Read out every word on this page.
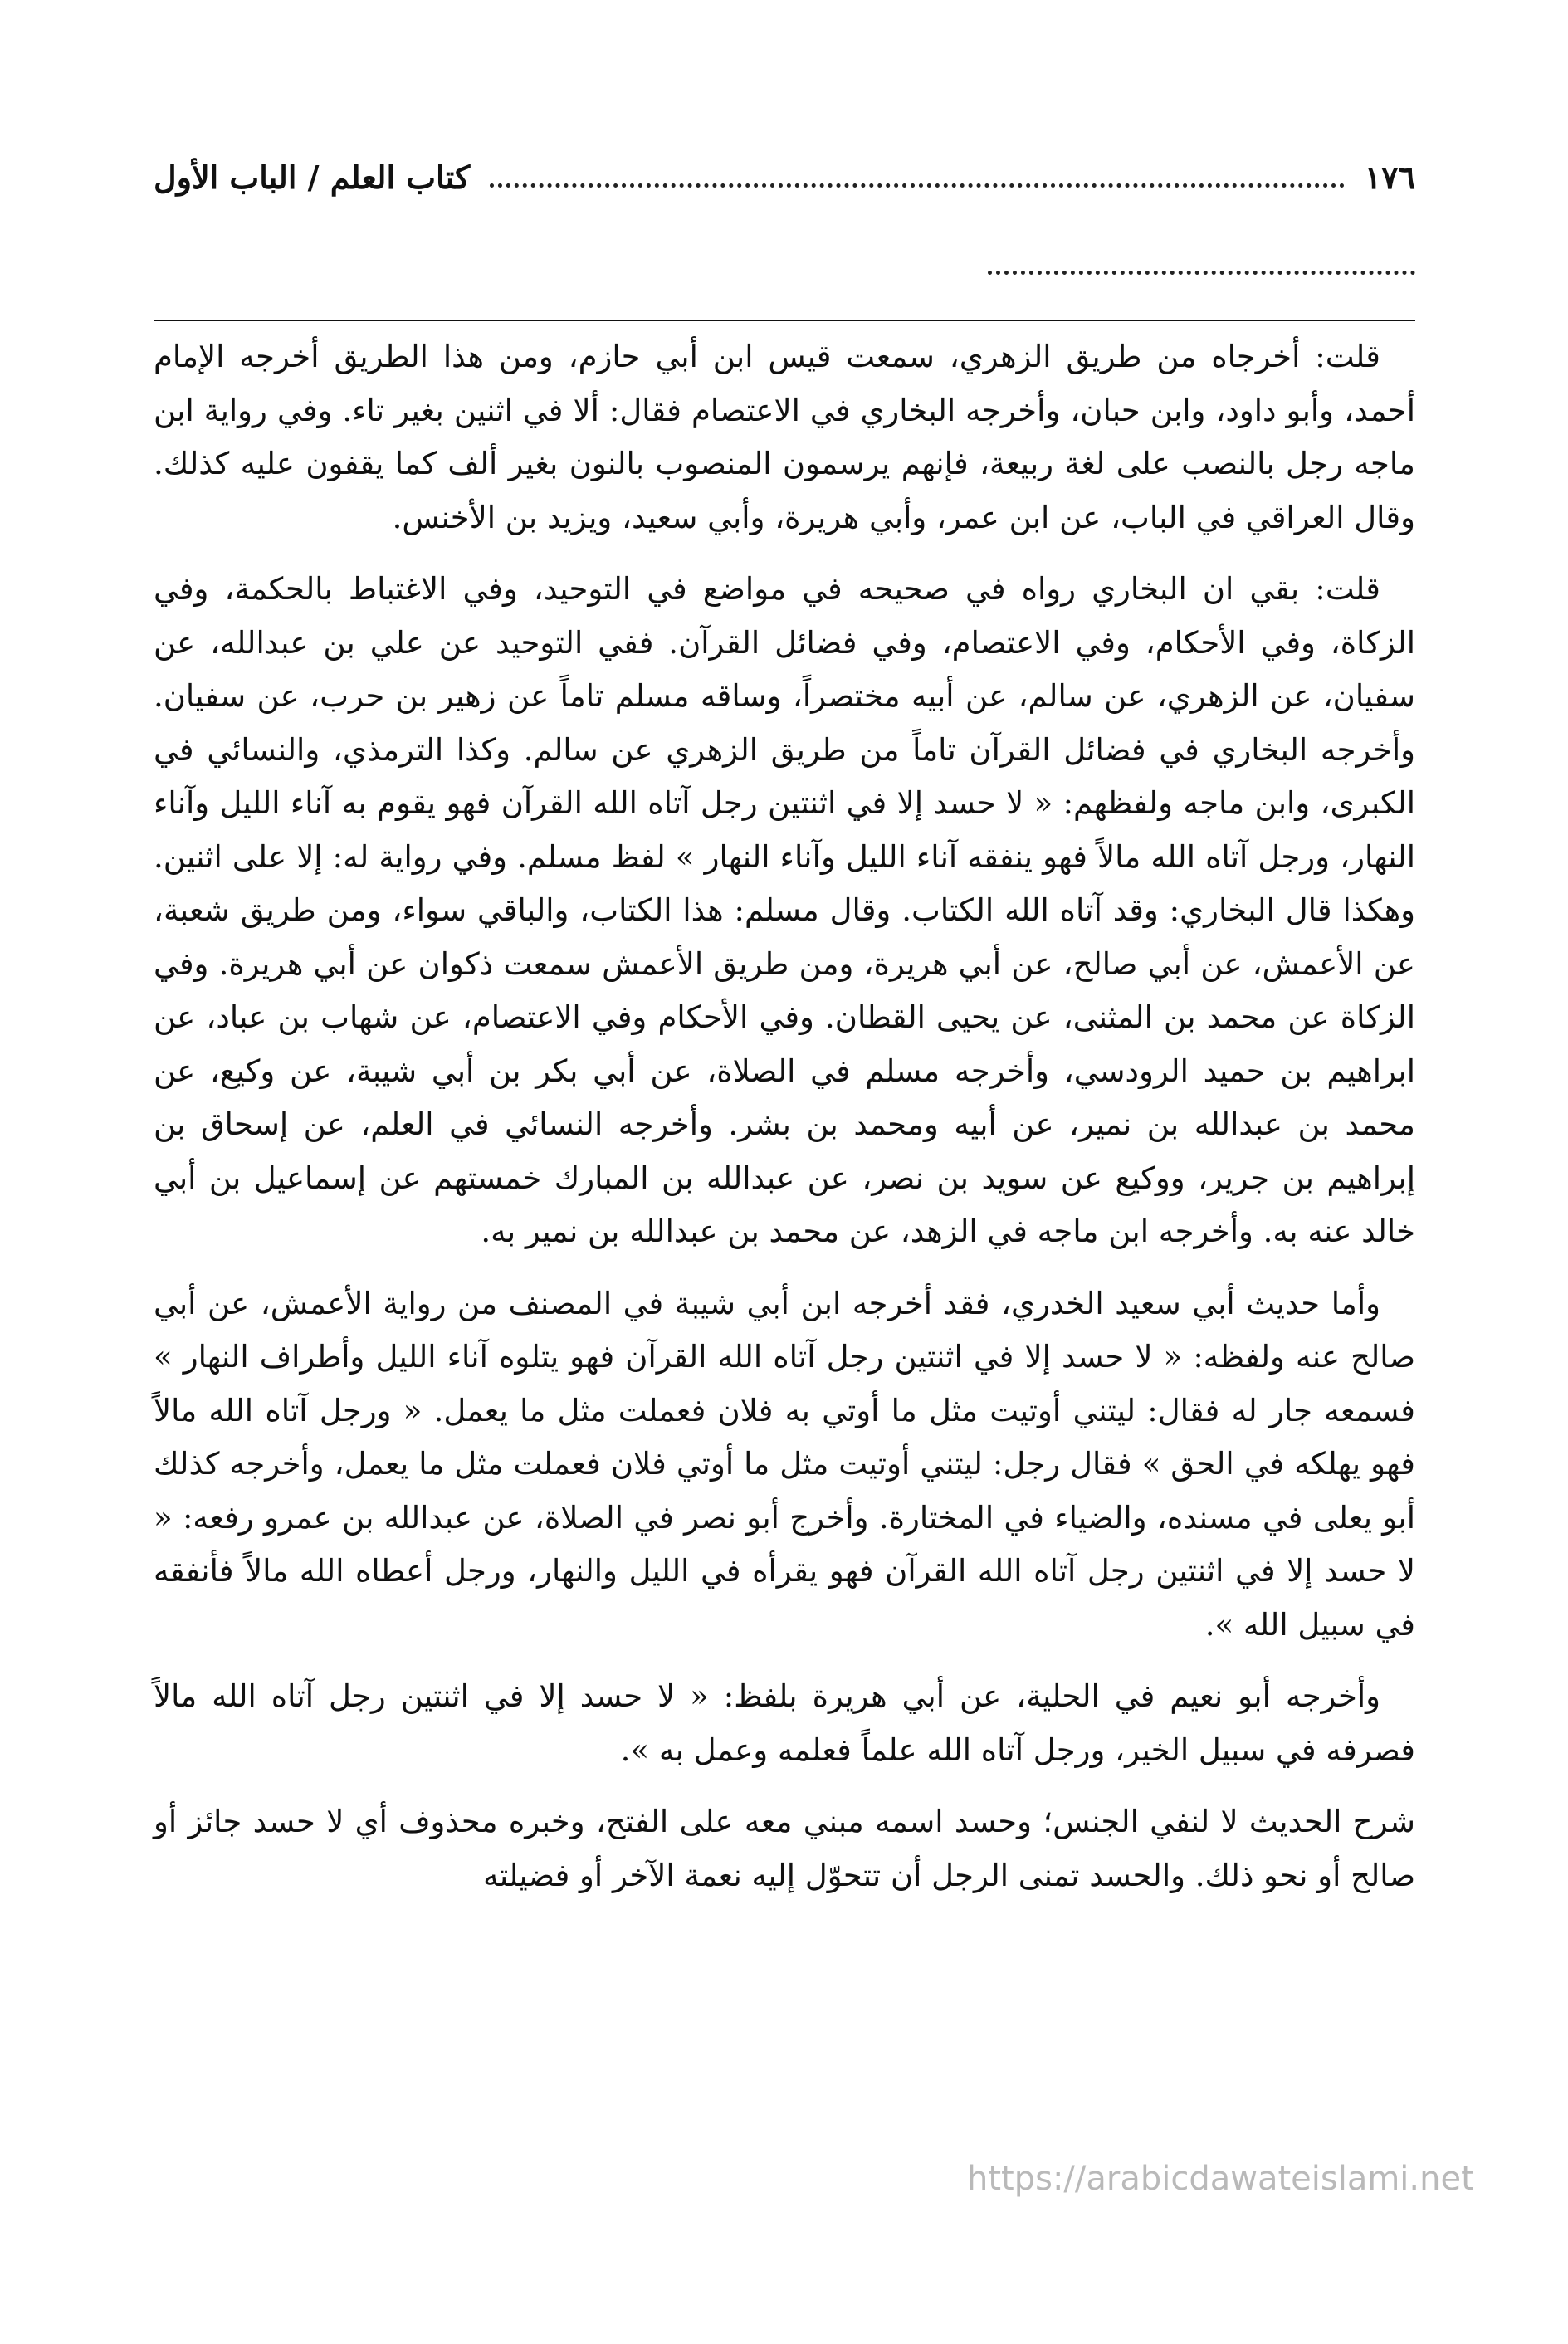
١٧٦
كتاب العلم / الباب الأول

قلت: أخرجاه من طريق الزهري، سمعت قيس ابن أبي حازم، ومن هذا الطريق أخرجه الإمام أحمد، وأبو داود، وابن حبان، وأخرجه البخاري في الاعتصام فقال: ألا في اثنين بغير تاء. وفي رواية ابن ماجه رجل بالنصب على لغة ربيعة، فإنهم يرسمون المنصوب بالنون بغير ألف كما يقفون عليه كذلك. وقال العراقي في الباب، عن ابن عمر، وأبي هريرة، وأبي سعيد، ويزيد بن الأخنس.

قلت: بقي ان البخاري رواه في صحيحه في مواضع في التوحيد، وفي الاغتباط بالحكمة، وفي الزكاة، وفي الأحكام، وفي الاعتصام، وفي فضائل القرآن. ففي التوحيد عن علي بن عبدالله، عن سفيان، عن الزهري، عن سالم، عن أبيه مختصراً، وساقه مسلم تاماً عن زهير بن حرب، عن سفيان. وأخرجه البخاري في فضائل القرآن تاماً من طريق الزهري عن سالم. وكذا الترمذي، والنسائي في الكبرى، وابن ماجه ولفظهم: « لا حسد إلا في اثنتين رجل آتاه الله القرآن فهو يقوم به آناء الليل وآناء النهار، ورجل آتاه الله مالاً فهو ينفقه آناء الليل وآناء النهار » لفظ مسلم. وفي رواية له: إلا على اثنين. وهكذا قال البخاري: وقد آتاه الله الكتاب. وقال مسلم: هذا الكتاب، والباقي سواء، ومن طريق شعبة، عن الأعمش، عن أبي صالح، عن أبي هريرة، ومن طريق الأعمش سمعت ذكوان عن أبي هريرة. وفي الزكاة عن محمد بن المثنى، عن يحيى القطان. وفي الأحكام وفي الاعتصام، عن شهاب بن عباد، عن ابراهيم بن حميد الرودسي، وأخرجه مسلم في الصلاة، عن أبي بكر بن أبي شيبة، عن وكيع، عن محمد بن عبدالله بن نمير، عن أبيه ومحمد بن بشر. وأخرجه النسائي في العلم، عن إسحاق بن إبراهيم بن جرير، ووكيع عن سويد بن نصر، عن عبدالله بن المبارك خمستهم عن إسماعيل بن أبي خالد عنه به. وأخرجه ابن ماجه في الزهد، عن محمد بن عبدالله بن نمير به.

وأما حديث أبي سعيد الخدري، فقد أخرجه ابن أبي شيبة في المصنف من رواية الأعمش، عن أبي صالح عنه ولفظه: « لا حسد إلا في اثنتين رجل آتاه الله القرآن فهو يتلوه آناء الليل وأطراف النهار » فسمعه جار له فقال: ليتني أوتيت مثل ما أوتي به فلان فعملت مثل ما يعمل. « ورجل آتاه الله مالاً فهو يهلكه في الحق » فقال رجل: ليتني أوتيت مثل ما أوتي فلان فعملت مثل ما يعمل، وأخرجه كذلك أبو يعلى في مسنده، والضياء في المختارة. وأخرج أبو نصر في الصلاة، عن عبدالله بن عمرو رفعه: « لا حسد إلا في اثنتين رجل آتاه الله القرآن فهو يقرأه في الليل والنهار، ورجل أعطاه الله مالاً فأنفقه في سبيل الله ».

وأخرجه أبو نعيم في الحلية، عن أبي هريرة بلفظ: « لا حسد إلا في اثنتين رجل آتاه الله مالاً فصرفه في سبيل الخير، ورجل آتاه الله علماً فعلمه وعمل به ».

شرح الحديث لا لنفي الجنس؛ وحسد اسمه مبني معه على الفتح، وخبره محذوف أي لا حسد جائز أو صالح أو نحو ذلك. والحسد تمنى الرجل أن تتحوّل إليه نعمة الآخر أو فضيلته

https://arabicdawateislami.net
